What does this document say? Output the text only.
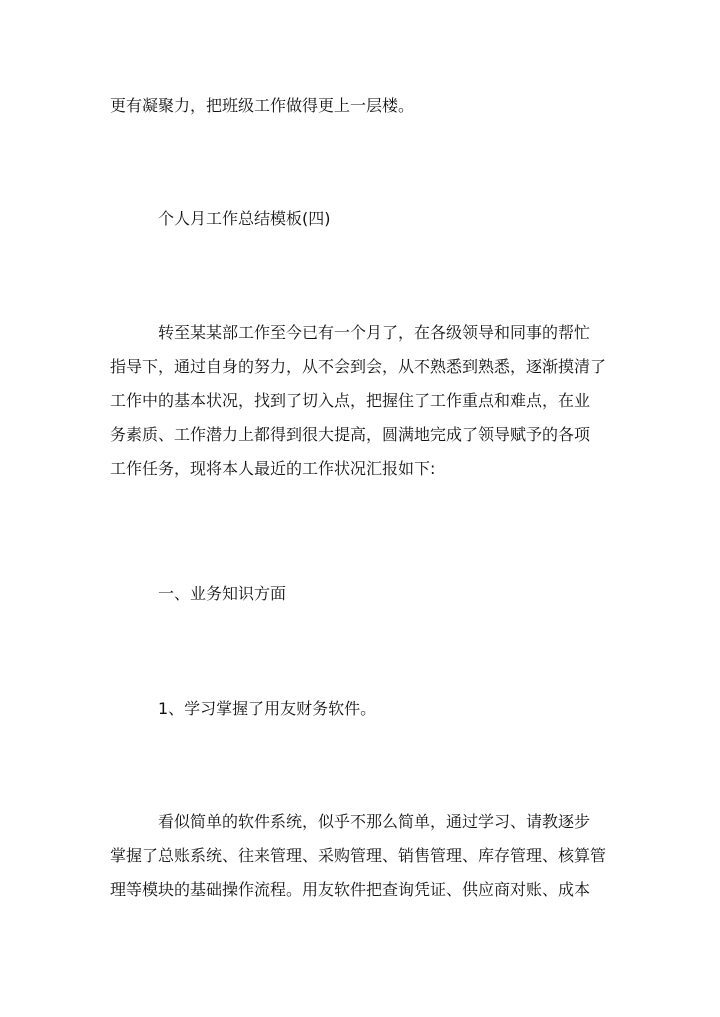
更有凝聚力，把班级工作做得更上一层楼。
个人月工作总结模板(四)
转至某某部工作至今已有一个月了，在各级领导和同事的帮忙
指导下，通过自身的努力，从不会到会，从不熟悉到熟悉，逐渐摸清了
工作中的基本状况，找到了切入点，把握住了工作重点和难点，在业
务素质、工作潜力上都得到很大提高，圆满地完成了领导赋予的各项
工作任务，现将本人最近的工作状况汇报如下:
一、业务知识方面
1、学习掌握了用友财务软件。
看似简单的软件系统，似乎不那么简单，通过学习、请教逐步
掌握了总账系统、往来管理、采购管理、销售管理、库存管理、核算管
理等模块的基础操作流程。用友软件把查询凭证、供应商对账、成本
